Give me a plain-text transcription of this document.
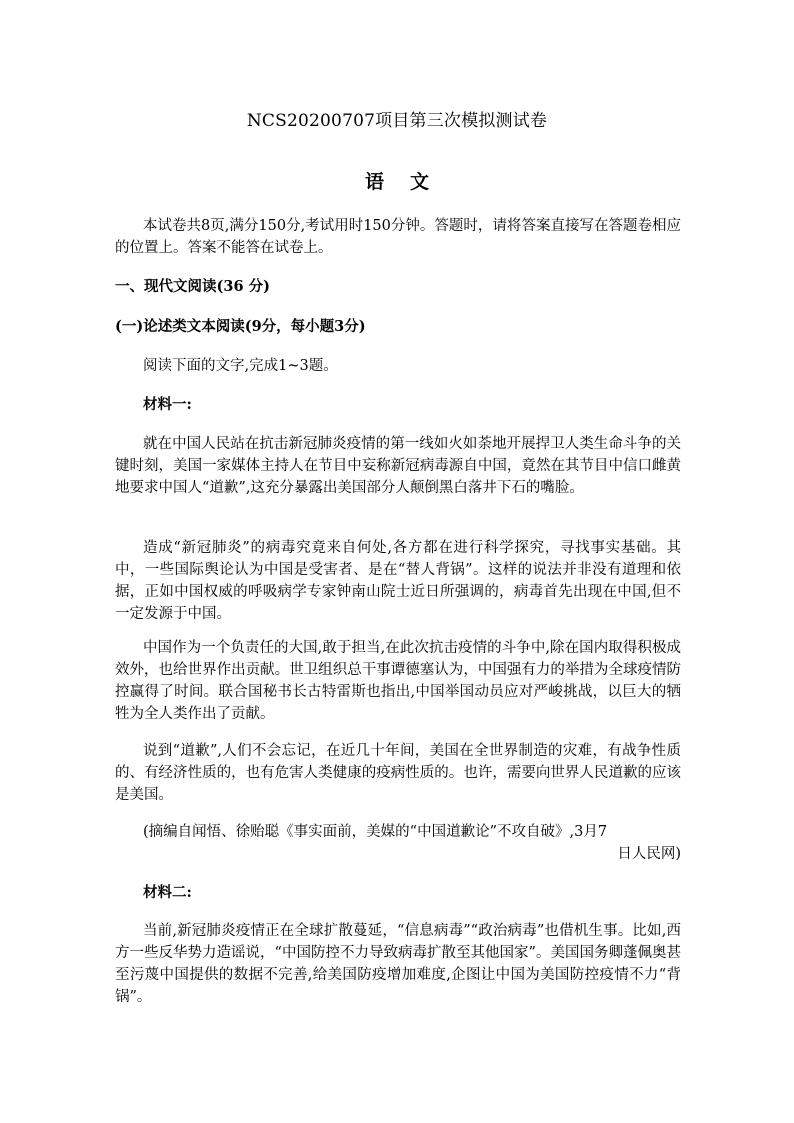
NCS20200707项目第三次模拟测试卷
语文

本试卷共8页,满分150分,考试用时150分钟。答题时，请将答案直接写在答题卷相应的位置上。答案不能答在试卷上。

一、现代文阅读(36 分)

(一)论述类文本阅读(9分，每小题3分)

阅读下面的文字,完成1~3题。

材料一:

就在中国人民站在抗击新冠肺炎疫情的第一线如火如荼地开展捍卫人类生命斗争的关键时刻，美国一家媒体主持人在节目中妄称新冠病毒源自中国，竟然在其节目中信口雌黄地要求中国人“道歉”,这充分暴露出美国部分人颠倒黑白落井下石的嘴脸。

造成“新冠肺炎”的病毒究竟来自何处,各方都在进行科学探究，寻找事实基础。其中，一些国际舆论认为中国是受害者、是在“替人背锅”。这样的说法并非没有道理和依据，正如中国权威的呼吸病学专家钟南山院士近日所强调的，病毒首先出现在中国,但不一定发源于中国。

中国作为一个负责任的大国,敢于担当,在此次抗击疫情的斗争中,除在国内取得积极成效外，也给世界作出贡献。世卫组织总干事谭德塞认为，中国强有力的举措为全球疫情防控赢得了时间。联合国秘书长古特雷斯也指出,中国举国动员应对严峻挑战，以巨大的牺牲为全人类作出了贡献。

说到“道歉”,人们不会忘记，在近几十年间，美国在全世界制造的灾难，有战争性质的、有经济性质的，也有危害人类健康的疫病性质的。也许，需要向世界人民道歉的应该是美国。

(摘编自闻悟、徐贻聪《事实面前，美媒的“中国道歉论”不攻自破》,3月7
日人民网)

材料二:

当前,新冠肺炎疫情正在全球扩散蔓延，“信息病毒”“政治病毒”也借机生事。比如,西方一些反华势力造谣说，“中国防控不力导致病毒扩散至其他国家”。美国国务卿蓬佩奥甚至污蔑中国提供的数据不完善,给美国防疫增加难度,企图让中国为美国防控疫情不力“背锅”。
